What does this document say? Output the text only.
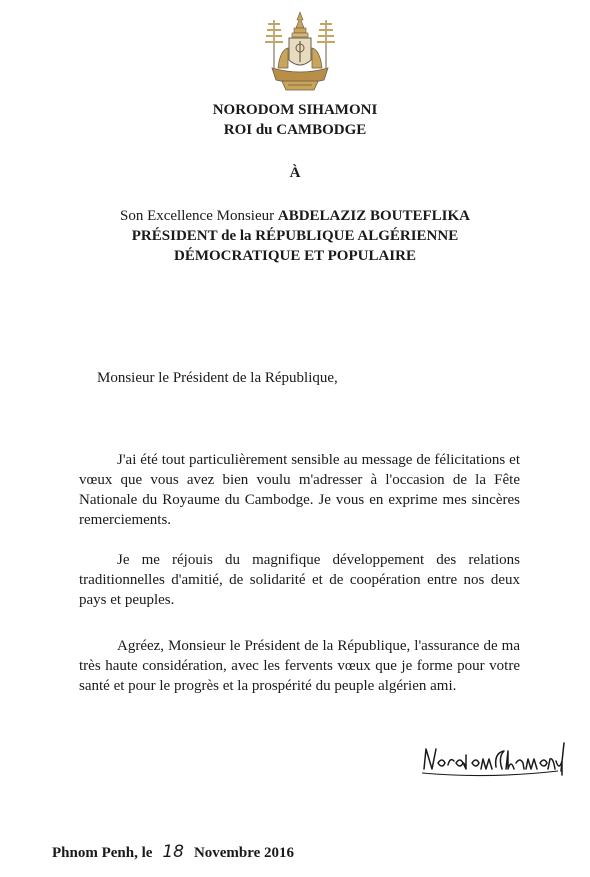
NORODOM SIHAMONI
ROI du CAMBODGE
À
Son Excellence Monsieur ABDELAZIZ BOUTEFLIKA
PRÉSIDENT de la RÉPUBLIQUE ALGÉRIENNE
DÉMOCRATIQUE ET POPULAIRE
Monsieur le Président de la République,

J'ai été tout particulièrement sensible au message de félicitations et vœux que vous avez bien voulu m'adresser à l'occasion de la Fête Nationale du Royaume du Cambodge. Je vous en exprime mes sincères remerciements.

Je me réjouis du magnifique développement des relations traditionnelles d'amitié, de solidarité et de coopération entre nos deux pays et peuples.

Agréez, Monsieur le Président de la République, l'assurance de ma très haute considération, avec les fervents vœux que je forme pour votre santé et pour le progrès et la prospérité du peuple algérien ami.

Phnom Penh, le 18 Novembre 2016
